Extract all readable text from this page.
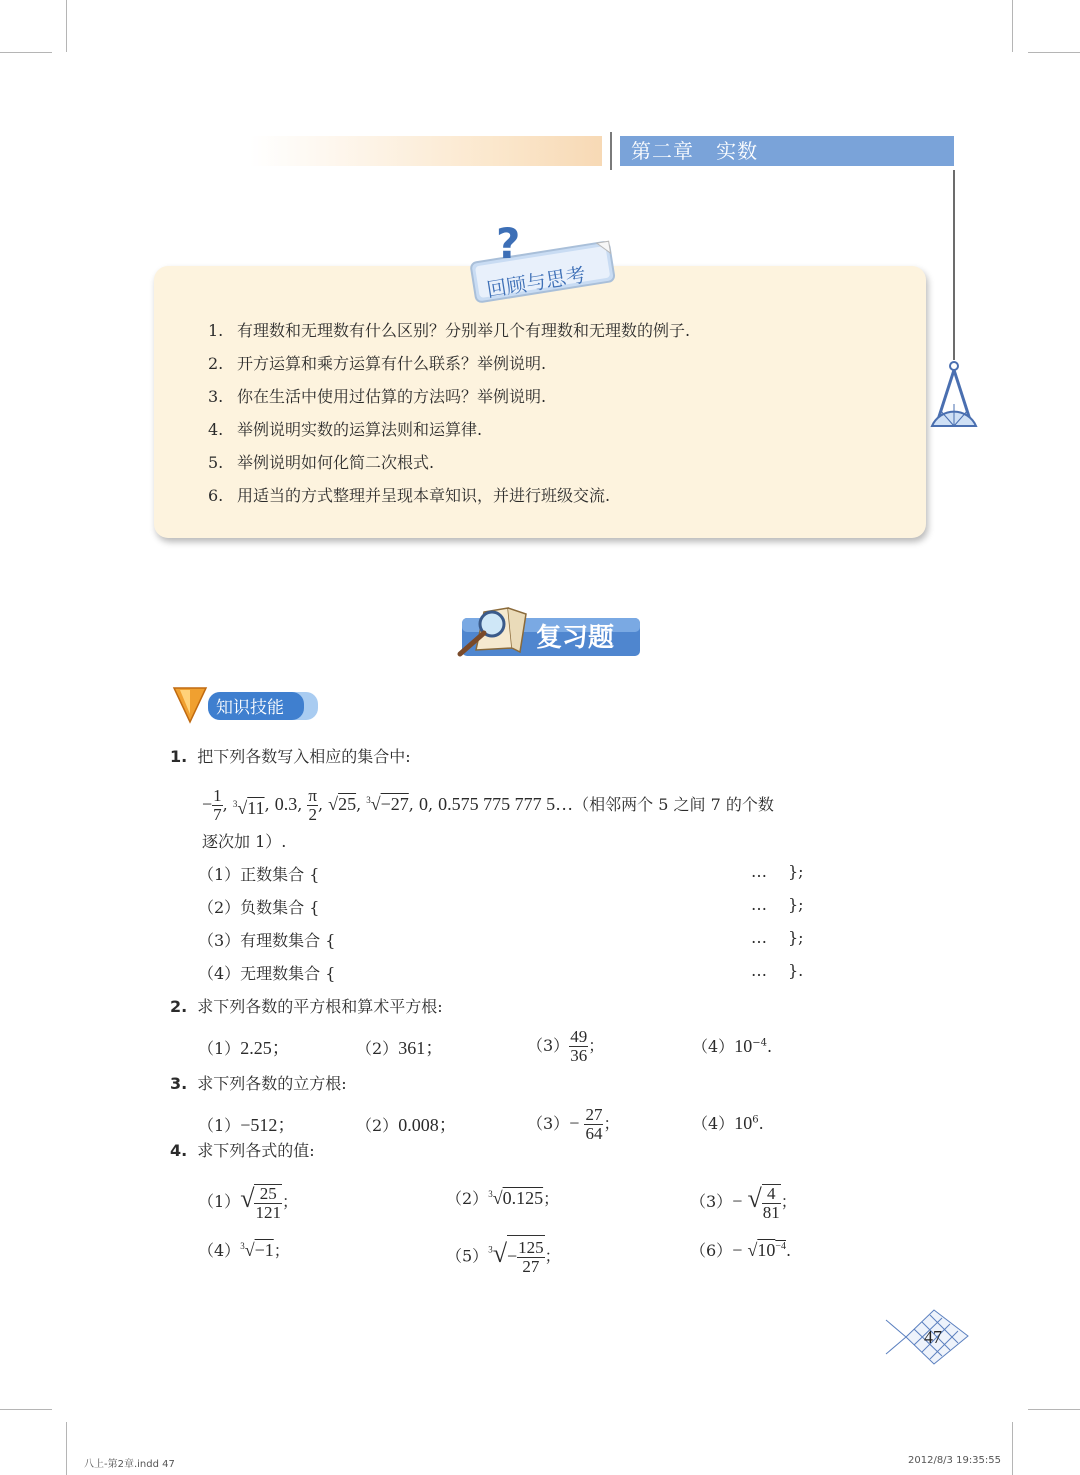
第二章 实数
?
回顾与思考
1. 有理数和无理数有什么区别？分别举几个有理数和无理数的例子.
2. 开方运算和乘方运算有什么联系？举例说明.
3. 你在生活中使用过估算的方法吗？举例说明.
4. 举例说明实数的运算法则和运算律.
5. 举例说明如何化简二次根式.
6. 用适当的方式整理并呈现本章知识，并进行班级交流.
复习题
知识技能
1. 把下列各数写入相应的集合中:
− $\frac{1}{7}$ , $^3$√11, 0.3, $\frac{\pi}{2}$ , √25, $^3$√−27, 0, 0.575 775 777 5…（相邻两个 5 之间 7 的个数
逐次加 1）.
（1）正数集合 {	… };
（2）负数集合 {	… };
（3）有理数集合 {	… };
（4）无理数集合 {	… }.
2. 求下列各数的平方根和算术平方根:
（1）2.25；	（2）361；	$(3) \frac{49}{36}$ ；	$(4)10^{-4}$.
3. 求下列各数的立方根:
（1）−512；	（2）0.008；	$(3)- \frac{27}{64}$ ；	$(4)10^6$.
4. 求下列各式的值:
$(1)√ \frac{25}{121}$ ；	$(2)^3√0.125$；	（3）− √ $\frac{4}{81}$ ；
$(4)^3√-1$；	$(5)^3√- \frac{125}{27}$ ；	$(6)- √10^{-4}$.
47
八上-第2章.indd 47	2012/8/3 19:35:55
